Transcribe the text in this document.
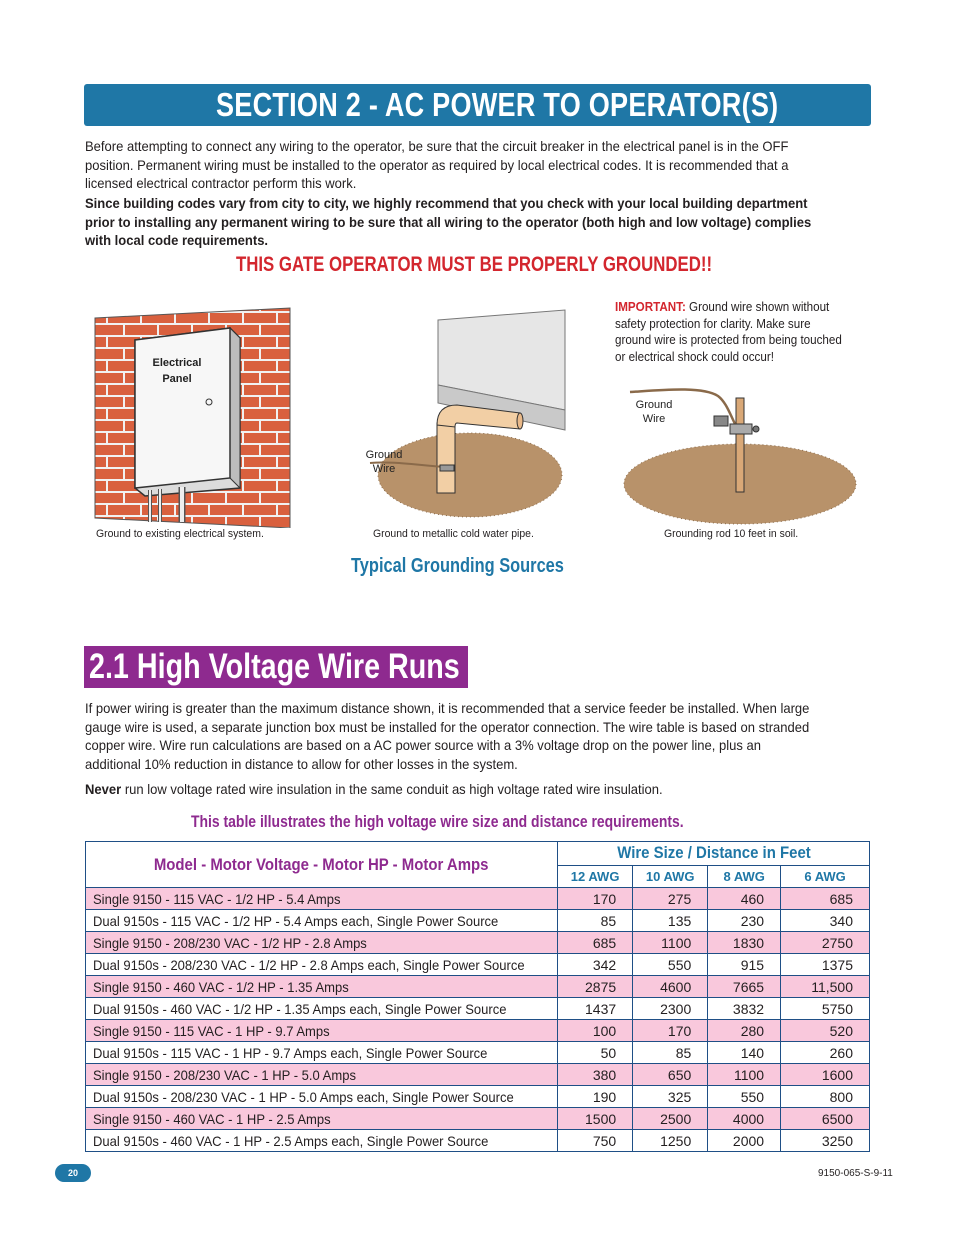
SECTION 2 - AC POWER TO OPERATOR(S)
Before attempting to connect any wiring to the operator, be sure that the circuit breaker in the electrical panel is in the OFF position. Permanent wiring must be installed to the operator as required by local electrical codes. It is recommended that a licensed electrical contractor perform this work.
Since building codes vary from city to city, we highly recommend that you check with your local building department prior to installing any permanent wiring to be sure that all wiring to the operator (both high and low voltage) complies with local code requirements.
THIS GATE OPERATOR MUST BE PROPERLY GROUNDED!!
Electrical
Panel
Ground
Wire
Ground
Wire
IMPORTANT: Ground wire shown without safety protection for clarity. Make sure ground wire is protected from being touched or electrical shock could occur!
Ground to existing electrical system.	Ground to metallic cold water pipe.	Grounding rod 10 feet in soil.
Typical Grounding Sources
2.1 High Voltage Wire Runs
If power wiring is greater than the maximum distance shown, it is recommended that a service feeder be installed. When large gauge wire is used, a separate junction box must be installed for the operator connection. The wire table is based on stranded copper wire. Wire run calculations are based on a AC power source with a 3% voltage drop on the power line, plus an additional 10% reduction in distance to allow for other losses in the system.
Never run low voltage rated wire insulation in the same conduit as high voltage rated wire insulation.
This table illustrates the high voltage wire size and distance requirements.
Model - Motor Voltage - Motor HP - Motor Amps	Wire Size / Distance in Feet			
	12 AWG	10 AWG	8 AWG	6 AWG
Single 9150 - 115 VAC - 1/2 HP - 5.4 Amps	170	275	460	685
Dual 9150s - 115 VAC - 1/2 HP - 5.4 Amps each, Single Power Source	85	135	230	340
Single 9150 - 208/230 VAC - 1/2 HP - 2.8 Amps	685	1100	1830	2750
Dual 9150s - 208/230 VAC - 1/2 HP - 2.8 Amps each, Single Power Source	342	550	915	1375
Single 9150 - 460 VAC - 1/2 HP - 1.35 Amps	2875	4600	7665	11,500
Dual 9150s - 460 VAC - 1/2 HP - 1.35 Amps each, Single Power Source	1437	2300	3832	5750
Single 9150 - 115 VAC - 1 HP - 9.7 Amps	100	170	280	520
Dual 9150s - 115 VAC - 1 HP - 9.7 Amps each, Single Power Source	50	85	140	260
Single 9150 - 208/230 VAC - 1 HP - 5.0 Amps	380	650	1100	1600
Dual 9150s - 208/230 VAC - 1 HP - 5.0 Amps each, Single Power Source	190	325	550	800
Single 9150 - 460 VAC - 1 HP - 2.5 Amps	1500	2500	4000	6500
Dual 9150s - 460 VAC - 1 HP - 2.5 Amps each, Single Power Source	750	1250	2000	3250
20	9150-065-S-9-11
